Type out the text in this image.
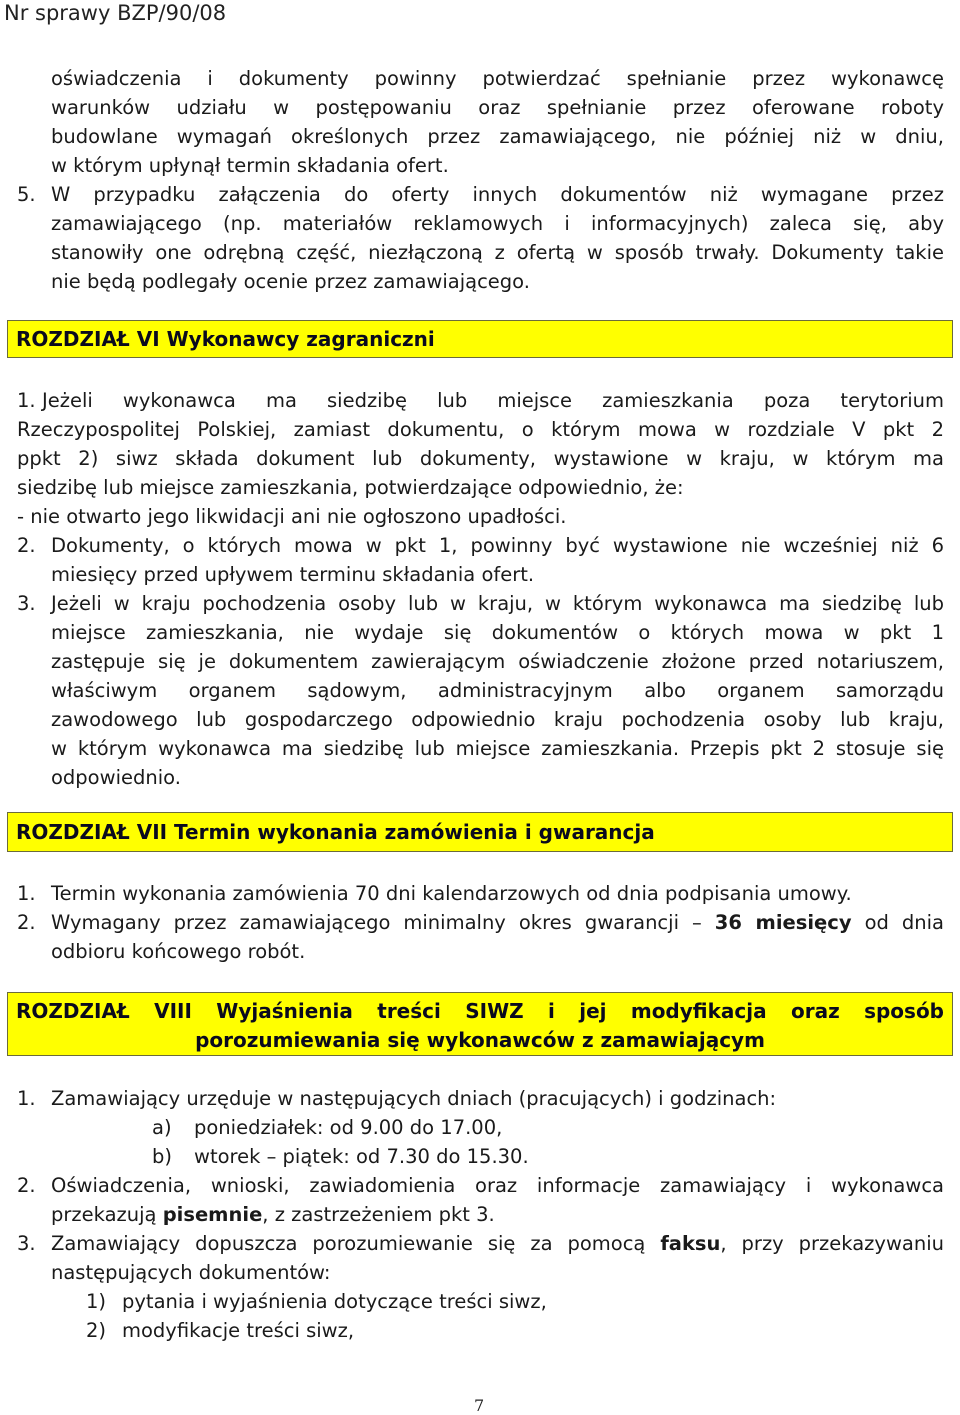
Nr sprawy BZP/90/08
oświadczenia i dokumenty powinny potwierdzać spełnianie przez wykonawcę
warunków udziału w postępowaniu oraz spełnianie przez oferowane roboty
budowlane wymagań określonych przez zamawiającego, nie później niż w dniu,
w którym upłynął termin składania ofert.
5. W przypadku załączenia do oferty innych dokumentów niż wymagane przez
zamawiającego (np. materiałów reklamowych i informacyjnych) zaleca się, aby
stanowiły one odrębną część, niezłączoną z ofertą w sposób trwały. Dokumenty takie
nie będą podlegały ocenie przez zamawiającego.
ROZDZIAŁ VI Wykonawcy zagraniczni
1. Jeżeli wykonawca ma siedzibę lub miejsce zamieszkania poza terytorium
Rzeczypospolitej Polskiej, zamiast dokumentu, o którym mowa w rozdziale V pkt 2
ppkt 2) siwz składa dokument lub dokumenty, wystawione w kraju, w którym ma
siedzibę lub miejsce zamieszkania, potwierdzające odpowiednio, że:
- nie otwarto jego likwidacji ani nie ogłoszono upadłości.
2. Dokumenty, o których mowa w pkt 1, powinny być wystawione nie wcześniej niż 6
miesięcy przed upływem terminu składania ofert.
3. Jeżeli w kraju pochodzenia osoby lub w kraju, w którym wykonawca ma siedzibę lub
miejsce zamieszkania, nie wydaje się dokumentów o których mowa w pkt 1
zastępuje się je dokumentem zawierającym oświadczenie złożone przed notariuszem,
właściwym organem sądowym, administracyjnym albo organem samorządu
zawodowego lub gospodarczego odpowiednio kraju pochodzenia osoby lub kraju,
w którym wykonawca ma siedzibę lub miejsce zamieszkania. Przepis pkt 2 stosuje się
odpowiednio.
ROZDZIAŁ VII Termin wykonania zamówienia i gwarancja
1. Termin wykonania zamówienia 70 dni kalendarzowych od dnia podpisania umowy.
2. Wymagany przez zamawiającego minimalny okres gwarancji – 36 miesięcy od dnia
odbioru końcowego robót.
ROZDZIAŁ VIII Wyjaśnienia treści SIWZ i jej modyfikacja oraz sposób
porozumiewania się wykonawców z zamawiającym
1. Zamawiający urzęduje w następujących dniach (pracujących) i godzinach:
a) poniedziałek: od 9.00 do 17.00,
b) wtorek – piątek: od 7.30 do 15.30.
2. Oświadczenia, wnioski, zawiadomienia oraz informacje zamawiający i wykonawca
przekazują pisemnie, z zastrzeżeniem pkt 3.
3. Zamawiający dopuszcza porozumiewanie się za pomocą faksu, przy przekazywaniu
następujących dokumentów:
1) pytania i wyjaśnienia dotyczące treści siwz,
2) modyfikacje treści siwz,
7
